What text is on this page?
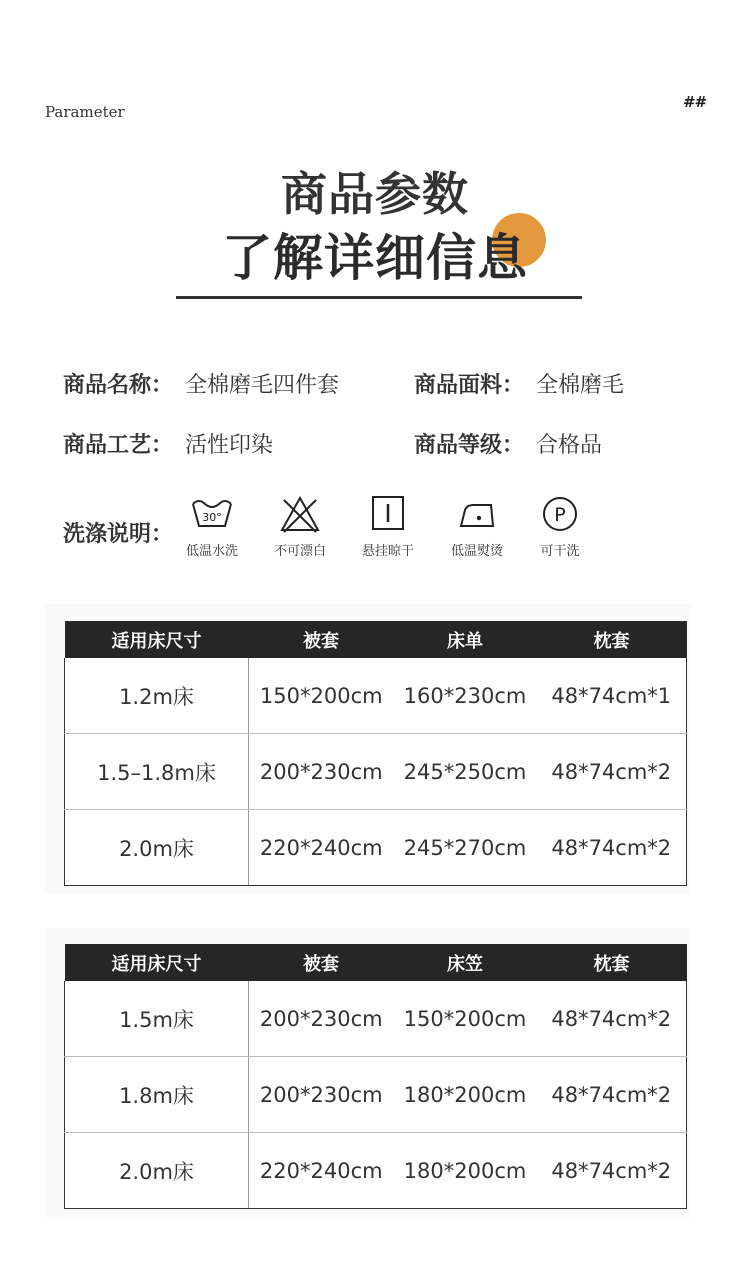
Parameter
##
商品参数
了解详细信息
商品名称： 全棉磨毛四件套	商品面料： 全棉磨毛
商品工艺： 活性印染	商品等级： 合格品
洗涤说明：
30°
低温水洗	不可漂白	悬挂晾干	低温熨烫
P
可干洗
适用床尺寸	被套	床单	枕套
1.2m床	150*200cm	160*230cm	48*74cm*1
1.5–1.8m床	200*230cm	245*250cm	48*74cm*2
2.0m床	220*240cm	245*270cm	48*74cm*2
适用床尺寸	被套	床笠	枕套
1.5m床	200*230cm	150*200cm	48*74cm*2
1.8m床	200*230cm	180*200cm	48*74cm*2
2.0m床	220*240cm	180*200cm	48*74cm*2
